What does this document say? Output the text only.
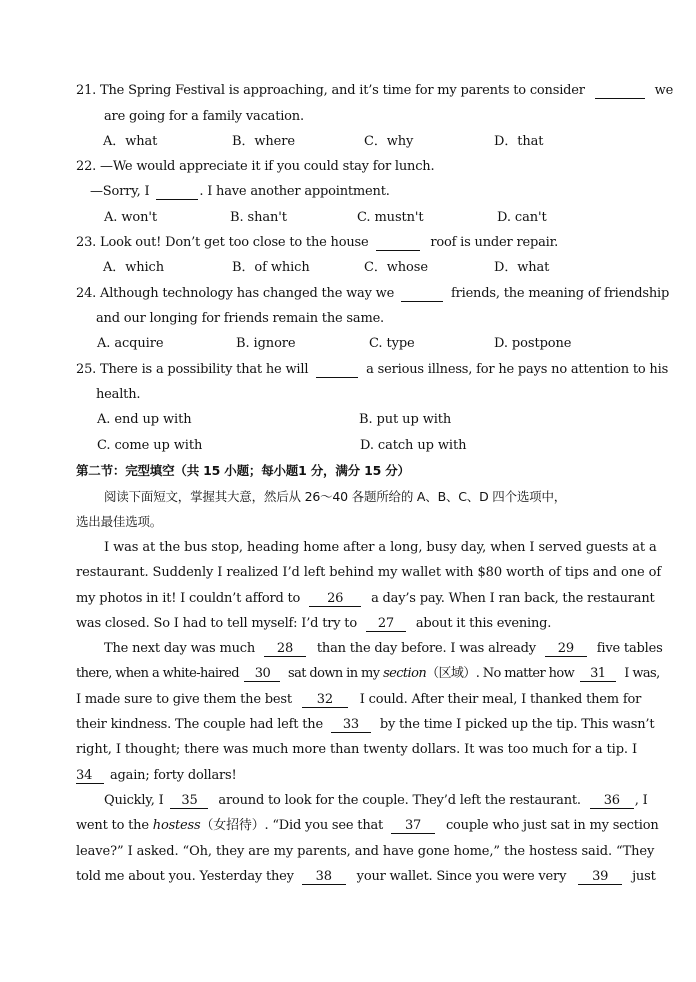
21. The Spring Festival is approaching, and it’s time for my parents to consider	we
are going for a family vacation.
A．what	B．where	C．why	D．that
22. —We would appreciate it if you could stay for lunch.
—Sorry, I	. I have another appointment.
A. won't	B. shan't	C. mustn't	D. can't
23. Look out! Don’t get too close to the house	roof is under repair.
A．which	B．of which	C．whose	D．what
24. Although technology has changed the way we	friends, the meaning of friendship
and our longing for friends remain the same.
A. acquire	B. ignore	C. type	D. postpone
25. There is a possibility that he will	a serious illness, for he pays no attention to his
health.
A. end up with	B. put up with
C. come up with	D. catch up with
第二节：完型填空（共 15 小题；每小题1 分，满分 15 分）
阅读下面短文，掌握其大意，然后从 26～40 各题所给的 A、B、C、D 四个选项中，
选出最佳选项。
I was at the bus stop, heading home after a long, busy day, when I served guests at a
restaurant. Suddenly I realized I’d left behind my wallet with $80 worth of tips and one of
my photos in it! I couldn’t afford to 26 a day’s pay. When I ran back, the restaurant
was closed. So I had to tell myself: I’d try to 27 about it this evening.
The next day was much 28 than the day before. I was already 29 five tables
there, when a white-haired 30 sat down in my section（区域）. No matter how 31 I was,
I made sure to give them the best 32 I could. After their meal, I thanked them for
their kindness. The couple had left the 33 by the time I picked up the tip. This wasn’t
right, I thought; there was much more than twenty dollars. It was too much for a tip. I
34 again; forty dollars!
Quickly, I 35 around to look for the couple. They’d left the restaurant. 36 , I
went to the hostess（女招待）. “Did you see that 37 couple who just sat in my section
leave?” I asked. “Oh, they are my parents, and have gone home,” the hostess said. “They
told me about you. Yesterday they 38 your wallet. Since you were very 39 just
